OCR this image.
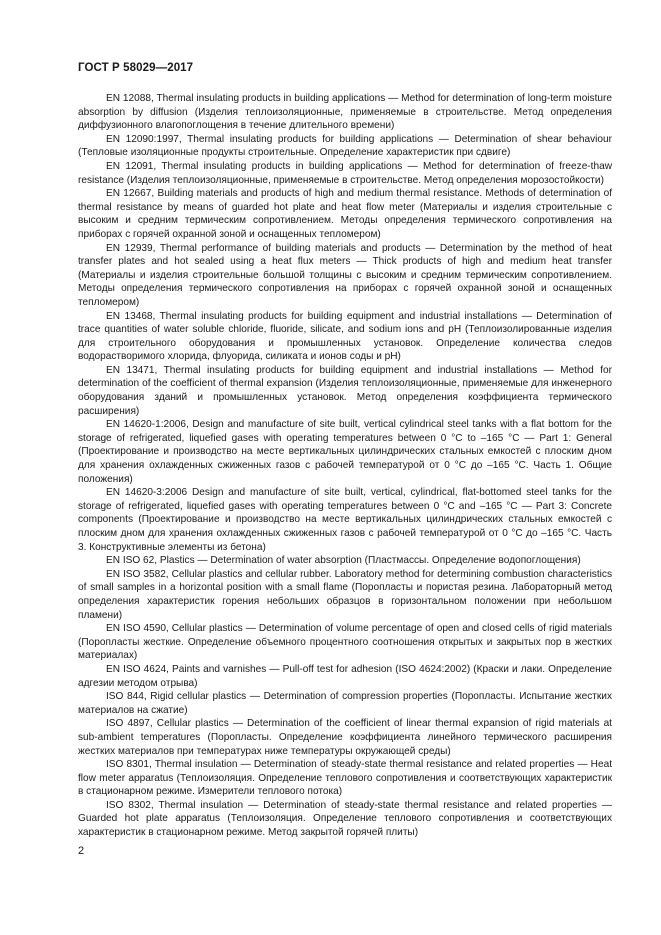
ГОСТ Р 58029—2017

EN 12088, Thermal insulating products in building applications — Method for determination of long-term moisture absorption by diffusion (Изделия теплоизоляционные, применяемые в строительстве. Метод определения диффузионного влагопоглощения в течение длительного времени)

EN 12090:1997, Thermal insulating products for building applications — Determination of shear behaviour (Тепловые изоляционные продукты строительные. Определение характеристик при сдвиге)

EN 12091, Thermal insulating products in building applications — Method for determination of freeze-thaw resistance (Изделия теплоизоляционные, применяемые в строительстве. Метод определения морозостойкости)

EN 12667, Building materials and products of high and medium thermal resistance. Methods of determination of thermal resistance by means of guarded hot plate and heat flow meter (Материалы и изделия строительные с высоким и средним термическим сопротивлением. Методы определения термического сопротивления на приборах с горячей охранной зоной и оснащенных тепломером)

EN 12939, Thermal performance of building materials and products — Determination by the method of heat transfer plates and hot sealed using a heat flux meters — Thick products of high and medium heat transfer (Материалы и изделия строительные большой толщины с высоким и средним термическим сопротивлением. Методы определения термического сопротивления на приборах с горячей охранной зоной и оснащенных тепломером)

EN 13468, Thermal insulating products for building equipment and industrial installations — Determination of trace quantities of water soluble chloride, fluoride, silicate, and sodium ions and pH (Теплоизолированные изделия для строительного оборудования и промышленных установок. Определение количества следов водорастворимого хлорида, флуорида, силиката и ионов соды и pH)

EN 13471, Thermal insulating products for building equipment and industrial installations — Method for determination of the coefficient of thermal expansion (Изделия теплоизоляционные, применяемые для инженерного оборудования зданий и промышленных установок. Метод определения коэффициента термического расширения)

EN 14620-1:2006, Design and manufacture of site built, vertical cylindrical steel tanks with a flat bottom for the storage of refrigerated, liquefied gases with operating temperatures between 0 °C to –165 °C — Part 1: General (Проектирование и производство на месте вертикальных цилиндрических стальных емкостей с плоским дном для хранения охлажденных сжиженных газов с рабочей температурой от 0 °C до –165 °C. Часть 1. Общие положения)

EN 14620-3:2006 Design and manufacture of site built, vertical, cylindrical, flat-bottomed steel tanks for the storage of refrigerated, liquefied gases with operating temperatures between 0 °C and –165 °C — Part 3: Concrete components (Проектирование и производство на месте вертикальных цилиндрических стальных емкостей с плоским дном для хранения охлажденных сжиженных газов с рабочей температурой от 0 °C до –165 °C. Часть 3. Конструктивные элементы из бетона)

EN ISO 62, Plastics — Determination of water absorption (Пластмассы. Определение водопоглощения)

EN ISO 3582, Cellular plastics and cellular rubber. Laboratory method for determining combustion characteristics of small samples in a horizontal position with a small flame (Поропласты и пористая резина. Лабораторный метод определения характеристик горения небольших образцов в горизонтальном положении при небольшом пламени)

EN ISO 4590, Cellular plastics — Determination of volume percentage of open and closed cells of rigid materials (Поропласты жесткие. Определение объемного процентного соотношения открытых и закрытых пор в жестких материалах)

EN ISO 4624, Paints and varnishes — Pull-off test for adhesion (ISO 4624:2002) (Краски и лаки. Определение адгезии методом отрыва)

ISO 844, Rigid cellular plastics — Determination of compression properties (Поропласты. Испытание жестких материалов на сжатие)

ISO 4897, Cellular plastics — Determination of the coefficient of linear thermal expansion of rigid materials at sub-ambient temperatures (Поропласты. Определение коэффициента линейного термического расширения жестких материалов при температурах ниже температуры окружающей среды)

ISO 8301, Thermal insulation — Determination of steady-state thermal resistance and related properties — Heat flow meter apparatus (Теплоизоляция. Определение теплового сопротивления и соответствующих характеристик в стационарном режиме. Измерители теплового потока)

ISO 8302, Thermal insulation — Determination of steady-state thermal resistance and related properties — Guarded hot plate apparatus (Теплоизоляция. Определение теплового сопротивления и соответствующих характеристик в стационарном режиме. Метод закрытой горячей плиты)

2
